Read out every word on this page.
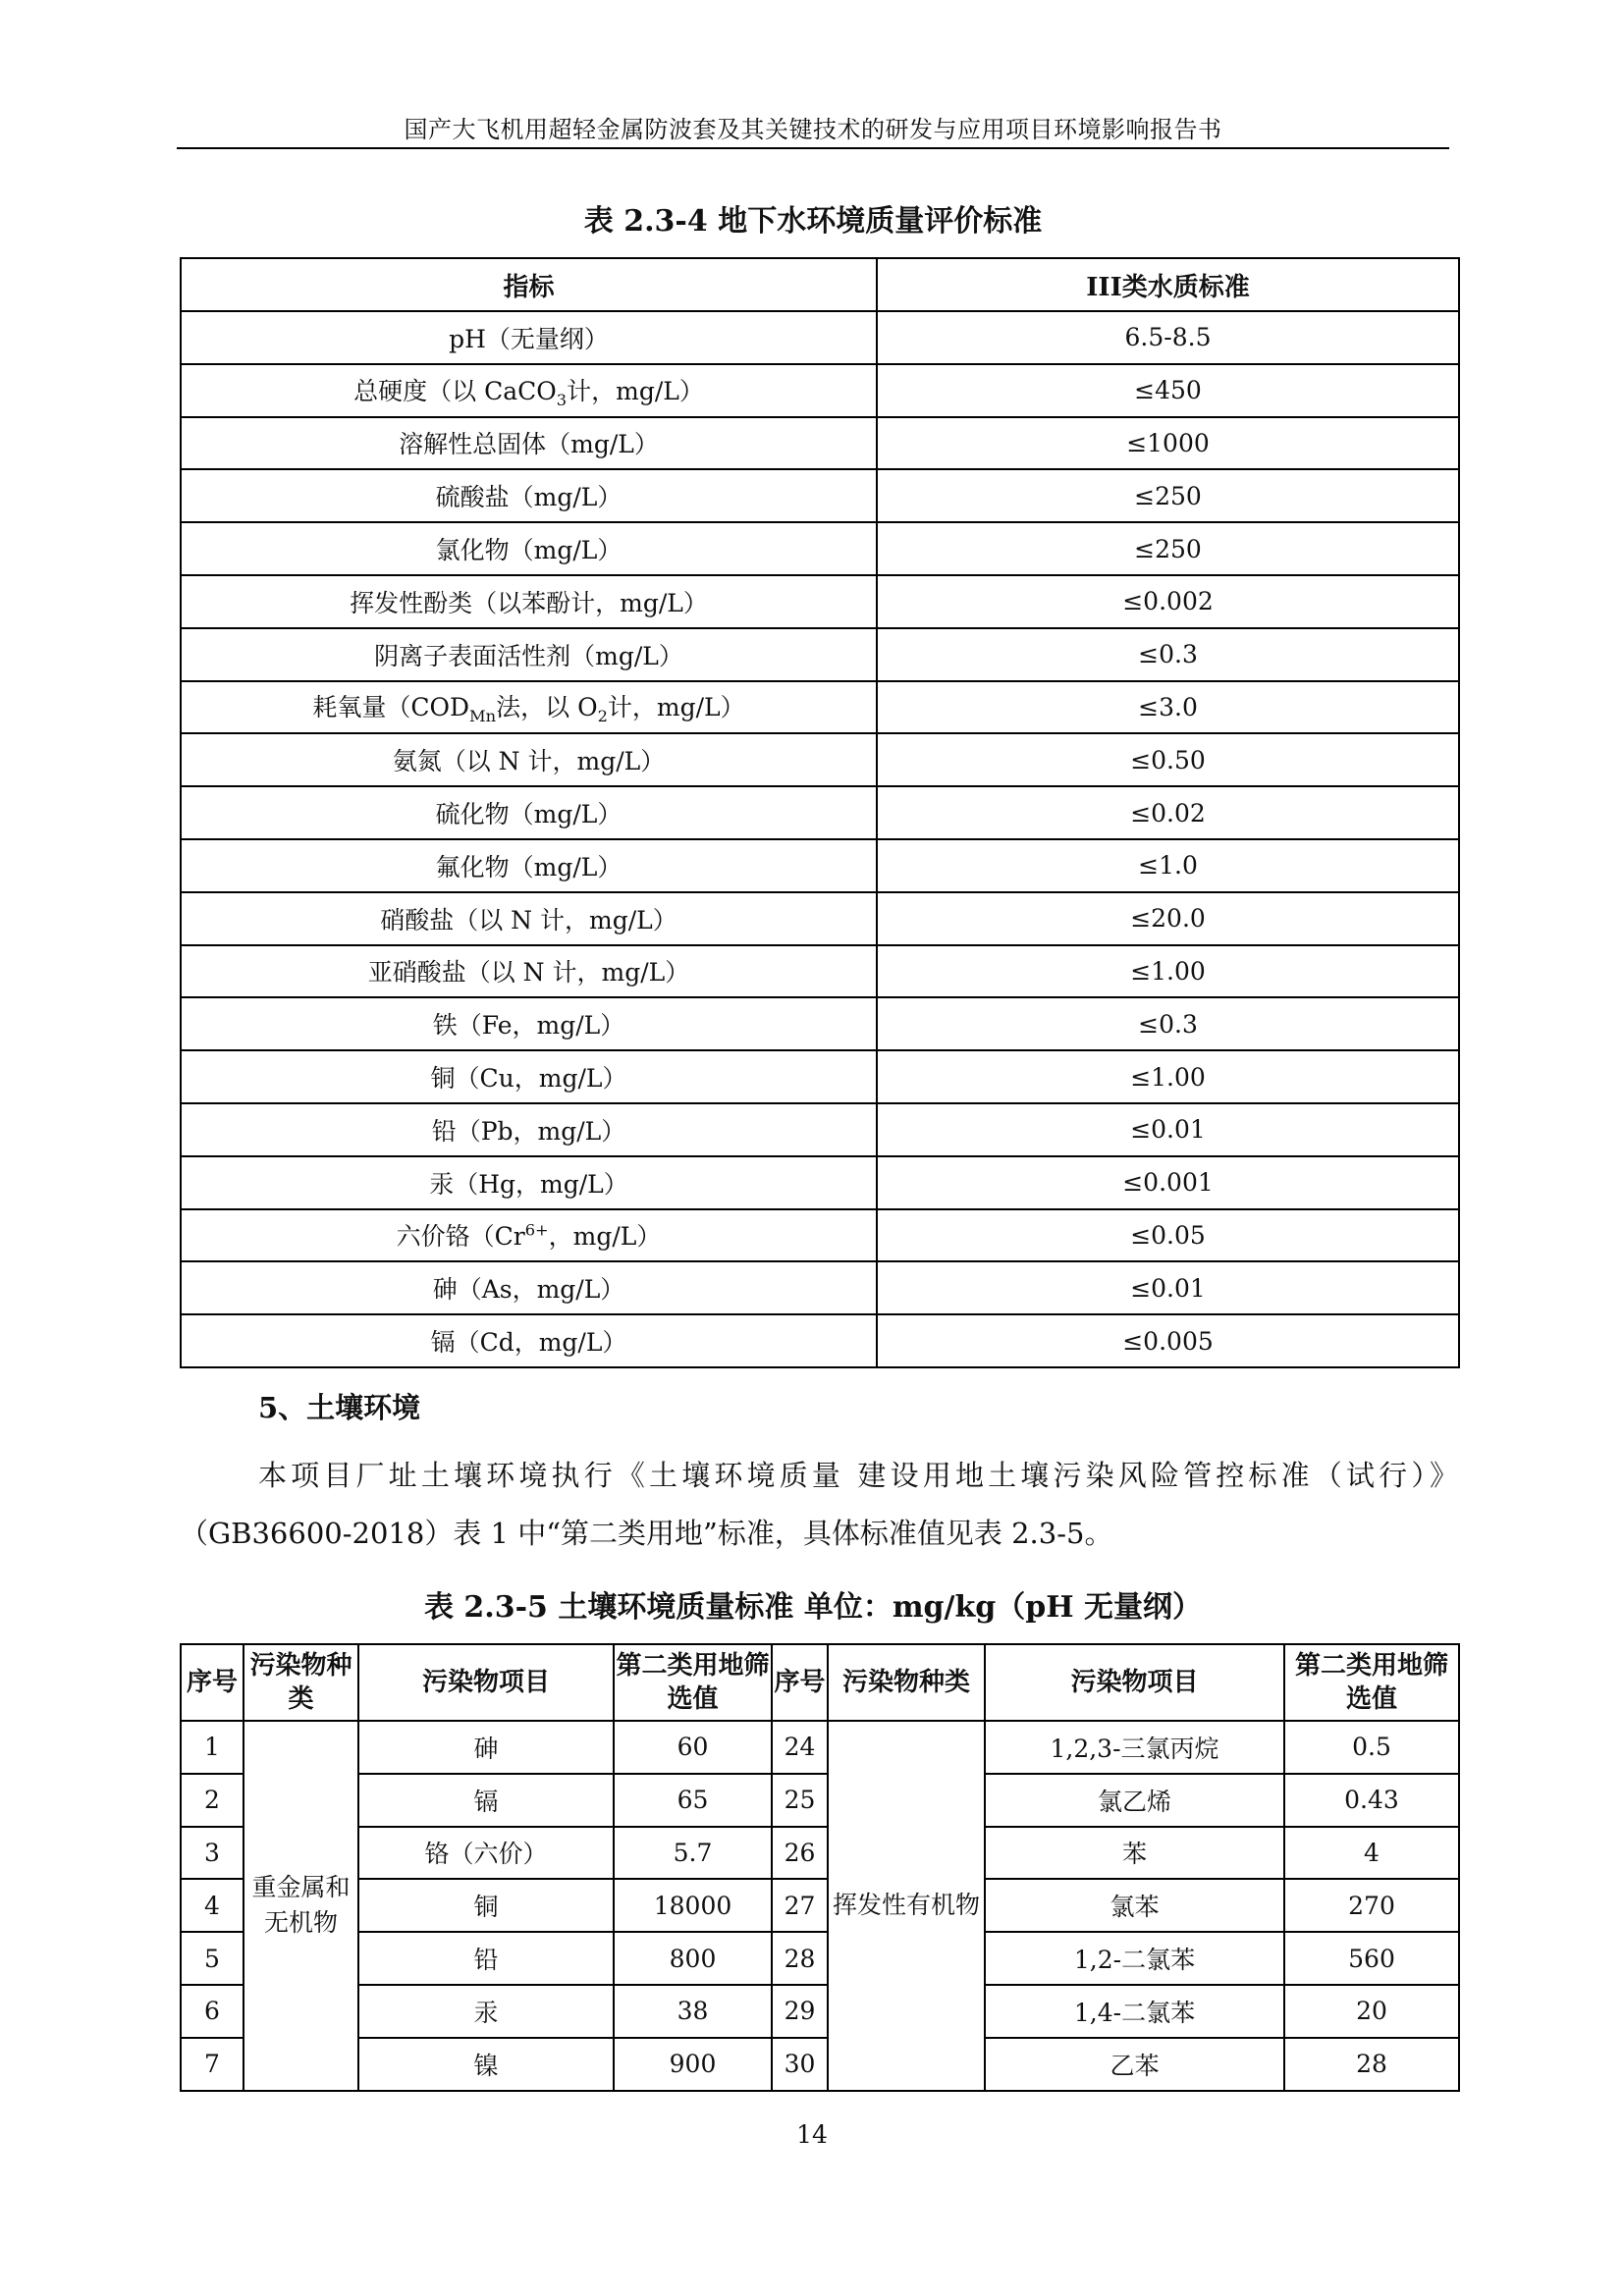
国产大飞机用超轻金属防波套及其关键技术的研发与应用项目环境影响报告书
表 2.3-4 地下水环境质量评价标准
指标	III类水质标准
pH（无量纲）	6.5-8.5
总硬度（以 CaCO$_3$计，mg/L）	≤450
溶解性总固体（mg/L）	≤1000
硫酸盐（mg/L）	≤250
氯化物（mg/L）	≤250
挥发性酚类（以苯酚计，mg/L）	≤0.002
阴离子表面活性剂（mg/L）	≤0.3
耗氧量（$COD_{Mn}$法，以 $O_2$计，mg/L）	≤3.0
氨氮（以 N 计，mg/L）	≤0.50
硫化物（mg/L）	≤0.02
氟化物（mg/L）	≤1.0
硝酸盐（以 N 计，mg/L）	≤20.0
亚硝酸盐（以 N 计，mg/L）	≤1.00
铁（Fe，mg/L）	≤0.3
铜（Cu，mg/L）	≤1.00
铅（Pb，mg/L）	≤0.01
汞（Hg，mg/L）	≤0.001
六价铬（$Cr^{6+}$，mg/L）	≤0.05
砷（As，mg/L）	≤0.01
镉（Cd，mg/L）	≤0.005
5、土壤环境
本项目厂址土壤环境执行《土壤环境质量 建设用地土壤污染风险管控标准（试行）》（GB36600-2018）表 1 中“第二类用地”标准，具体标准值见表 2.3-5。
表 2.3-5 土壤环境质量标准 单位：mg/kg（pH 无量纲）
序号	污染物种类	污染物项目	第二类用地筛选值	序号	污染物种类	污染物项目	第二类用地筛选值
1	重金属和无机物	砷	60	24	挥发性有机物	1,2,3-三氯丙烷	0.5
2		镉	65	25		氯乙烯	0.43
3		铬（六价）	5.7	26		苯	4
4		铜	18000	27		氯苯	270
5		铅	800	28		1,2-二氯苯	560
6		汞	38	29		1,4-二氯苯	20
7		镍	900	30		乙苯	28
14
